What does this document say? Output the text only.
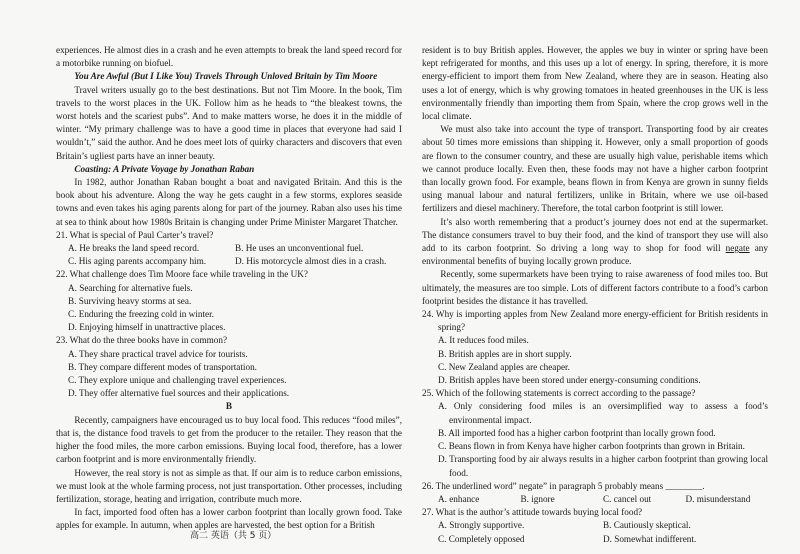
experiences. He almost dies in a crash and he even attempts to break the land speed record for a motorbike running on biofuel.

You Are Awful (But I Like You) Travels Through Unloved Britain by Tim Moore

Travel writers usually go to the best destinations. But not Tim Moore. In the book, Tim travels to the worst places in the UK. Follow him as he heads to “the bleakest towns, the worst hotels and the scariest pubs”. And to make matters worse, he does it in the middle of winter. “My primary challenge was to have a good time in places that everyone had said I wouldn’t,” said the author. And he does meet lots of quirky characters and discovers that even Britain’s ugliest parts have an inner beauty.

Coasting: A Private Voyage by Jonathan Raban

In 1982, author Jonathan Raban bought a boat and navigated Britain. And this is the book about his adventure. Along the way he gets caught in a few storms, explores seaside towns and even takes his aging parents along for part of the journey. Raban also uses his time at sea to think about how 1980s Britain is changing under Prime Minister Margaret Thatcher.

21. What is special of Paul Carter’s travel?

A. He breaks the land speed record.	B. He uses an unconventional fuel.
C. His aging parents accompany him.	D. His motorcycle almost dies in a crash.

22. What challenge does Tim Moore face while traveling in the UK?

A. Searching for alternative fuels.

B. Surviving heavy storms at sea.

C. Enduring the freezing cold in winter.

D. Enjoying himself in unattractive places.

23. What do the three books have in common?

A. They share practical travel advice for tourists.

B. They compare different modes of transportation.

C. They explore unique and challenging travel experiences.

D. They offer alternative fuel sources and their applications.

B

Recently, campaigners have encouraged us to buy local food. This reduces “food miles”, that is, the distance food travels to get from the producer to the retailer. They reason that the higher the food miles, the more carbon emissions. Buying local food, therefore, has a lower carbon footprint and is more environmentally friendly.

However, the real story is not as simple as that. If our aim is to reduce carbon emissions, we must look at the whole farming process, not just transportation. Other processes, including fertilization, storage, heating and irrigation, contribute much more.

In fact, imported food often has a lower carbon footprint than locally grown food. Take apples for example. In autumn, when apples are harvested, the best option for a British

resident is to buy British apples. However, the apples we buy in winter or spring have been kept refrigerated for months, and this uses up a lot of energy. In spring, therefore, it is more energy-efficient to import them from New Zealand, where they are in season. Heating also uses a lot of energy, which is why growing tomatoes in heated greenhouses in the UK is less environmentally friendly than importing them from Spain, where the crop grows well in the local climate.

We must also take into account the type of transport. Transporting food by air creates about 50 times more emissions than shipping it. However, only a small proportion of goods are flown to the consumer country, and these are usually high value, perishable items which we cannot produce locally. Even then, these foods may not have a higher carbon footprint than locally grown food. For example, beans flown in from Kenya are grown in sunny fields using manual labour and natural fertilizers, unlike in Britain, where we use oil-based fertilizers and diesel machinery. Therefore, the total carbon footprint is still lower.

It’s also worth remembering that a product’s journey does not end at the supermarket. The distance consumers travel to buy their food, and the kind of transport they use will also add to its carbon footprint. So driving a long way to shop for food will negate any environmental benefits of buying locally grown produce.

Recently, some supermarkets have been trying to raise awareness of food miles too. But ultimately, the measures are too simple. Lots of different factors contribute to a food’s carbon footprint besides the distance it has travelled.

24. Why is importing apples from New Zealand more energy-efficient for British residents in spring?

A. It reduces food miles.

B. British apples are in short supply.

C. New Zealand apples are cheaper.

D. British apples have been stored under energy-consuming conditions.

25. Which of the following statements is correct according to the passage?

A. Only considering food miles is an oversimplified way to assess a food’s environmental impact.

B. All imported food has a higher carbon footprint than locally grown food.

C. Beans flown in from Kenya have higher carbon footprints than grown in Britain.

D. Transporting food by air always results in a higher carbon footprint than growing local food.

26. The underlined word” negate” in paragraph 5 probably means ________.

A. enhance	B. ignore	C. cancel out	D. misunderstand

27. What is the author’s attitude towards buying local food?

A. Strongly supportive.	B. Cautiously skeptical.
C. Completely opposed	D. Somewhat indifferent.
高二 英语（共 5 页）
